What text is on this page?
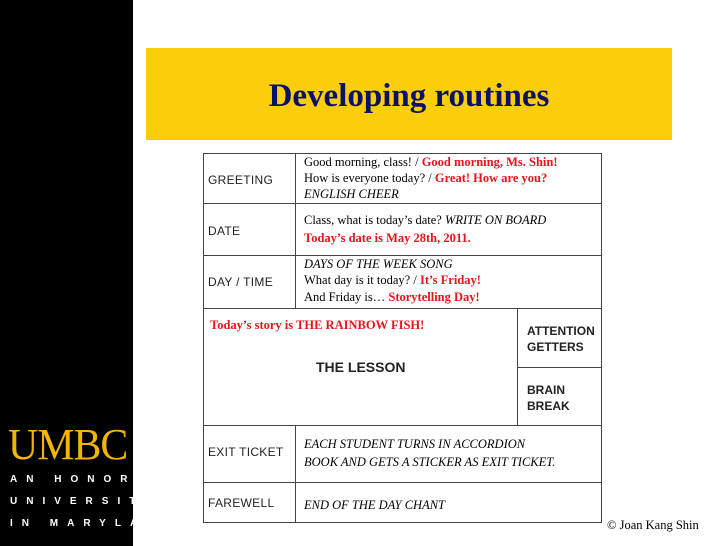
UMBC
AN HONORS
UNIVERSITY
IN MARYLAND
Developing routines
GREETING
Good morning, class! / Good morning, Ms. Shin!
How is everyone today? / Great! How are you?
ENGLISH CHEER
DATE
Class, what is today’s date? WRITE ON BOARD
Today’s date is May 28th, 2011.
DAY / TIME
DAYS OF THE WEEK SONG
What day is it today? / It’s Friday!
And Friday is… Storytelling Day!
Today’s story is THE RAINBOW FISH!
THE LESSON
ATTENTION
GETTERS
BRAIN
BREAK
EXIT TICKET
EACH STUDENT TURNS IN ACCORDION
BOOK AND GETS A STICKER AS EXIT TICKET.
FAREWELL END OF THE DAY CHANT
© Joan Kang Shin
